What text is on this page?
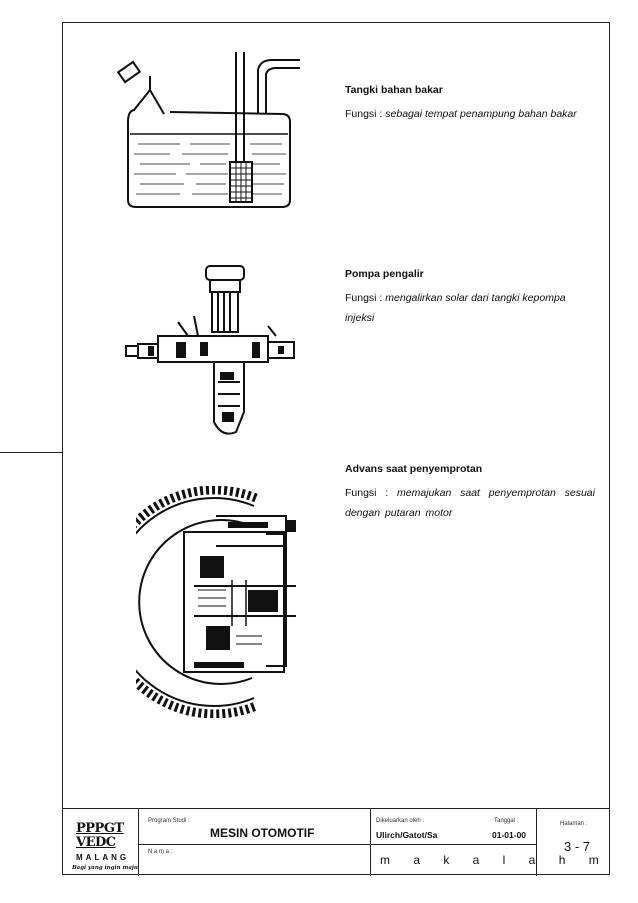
Tangki bahan bakar
Fungsi : sebagai tempat penampung bahan bakar
Pompa pengalir
Fungsi : mengalirkan solar dari tangki kepompa injeksi
Advans saat penyemprotan
Fungsi : memajukan saat penyemprotan sesuai dengan putaran motor
PPPGT
VEDC
MALANG
Bagi yang ingin maju
Program Studi :
MESIN OTOMOTIF
N a m a :
Dikeluarkan oleh :
Ulirch/Gatot/Sa
Tanggal :
01-01-00
m a k a l a h m
Halaman :
3 - 7
